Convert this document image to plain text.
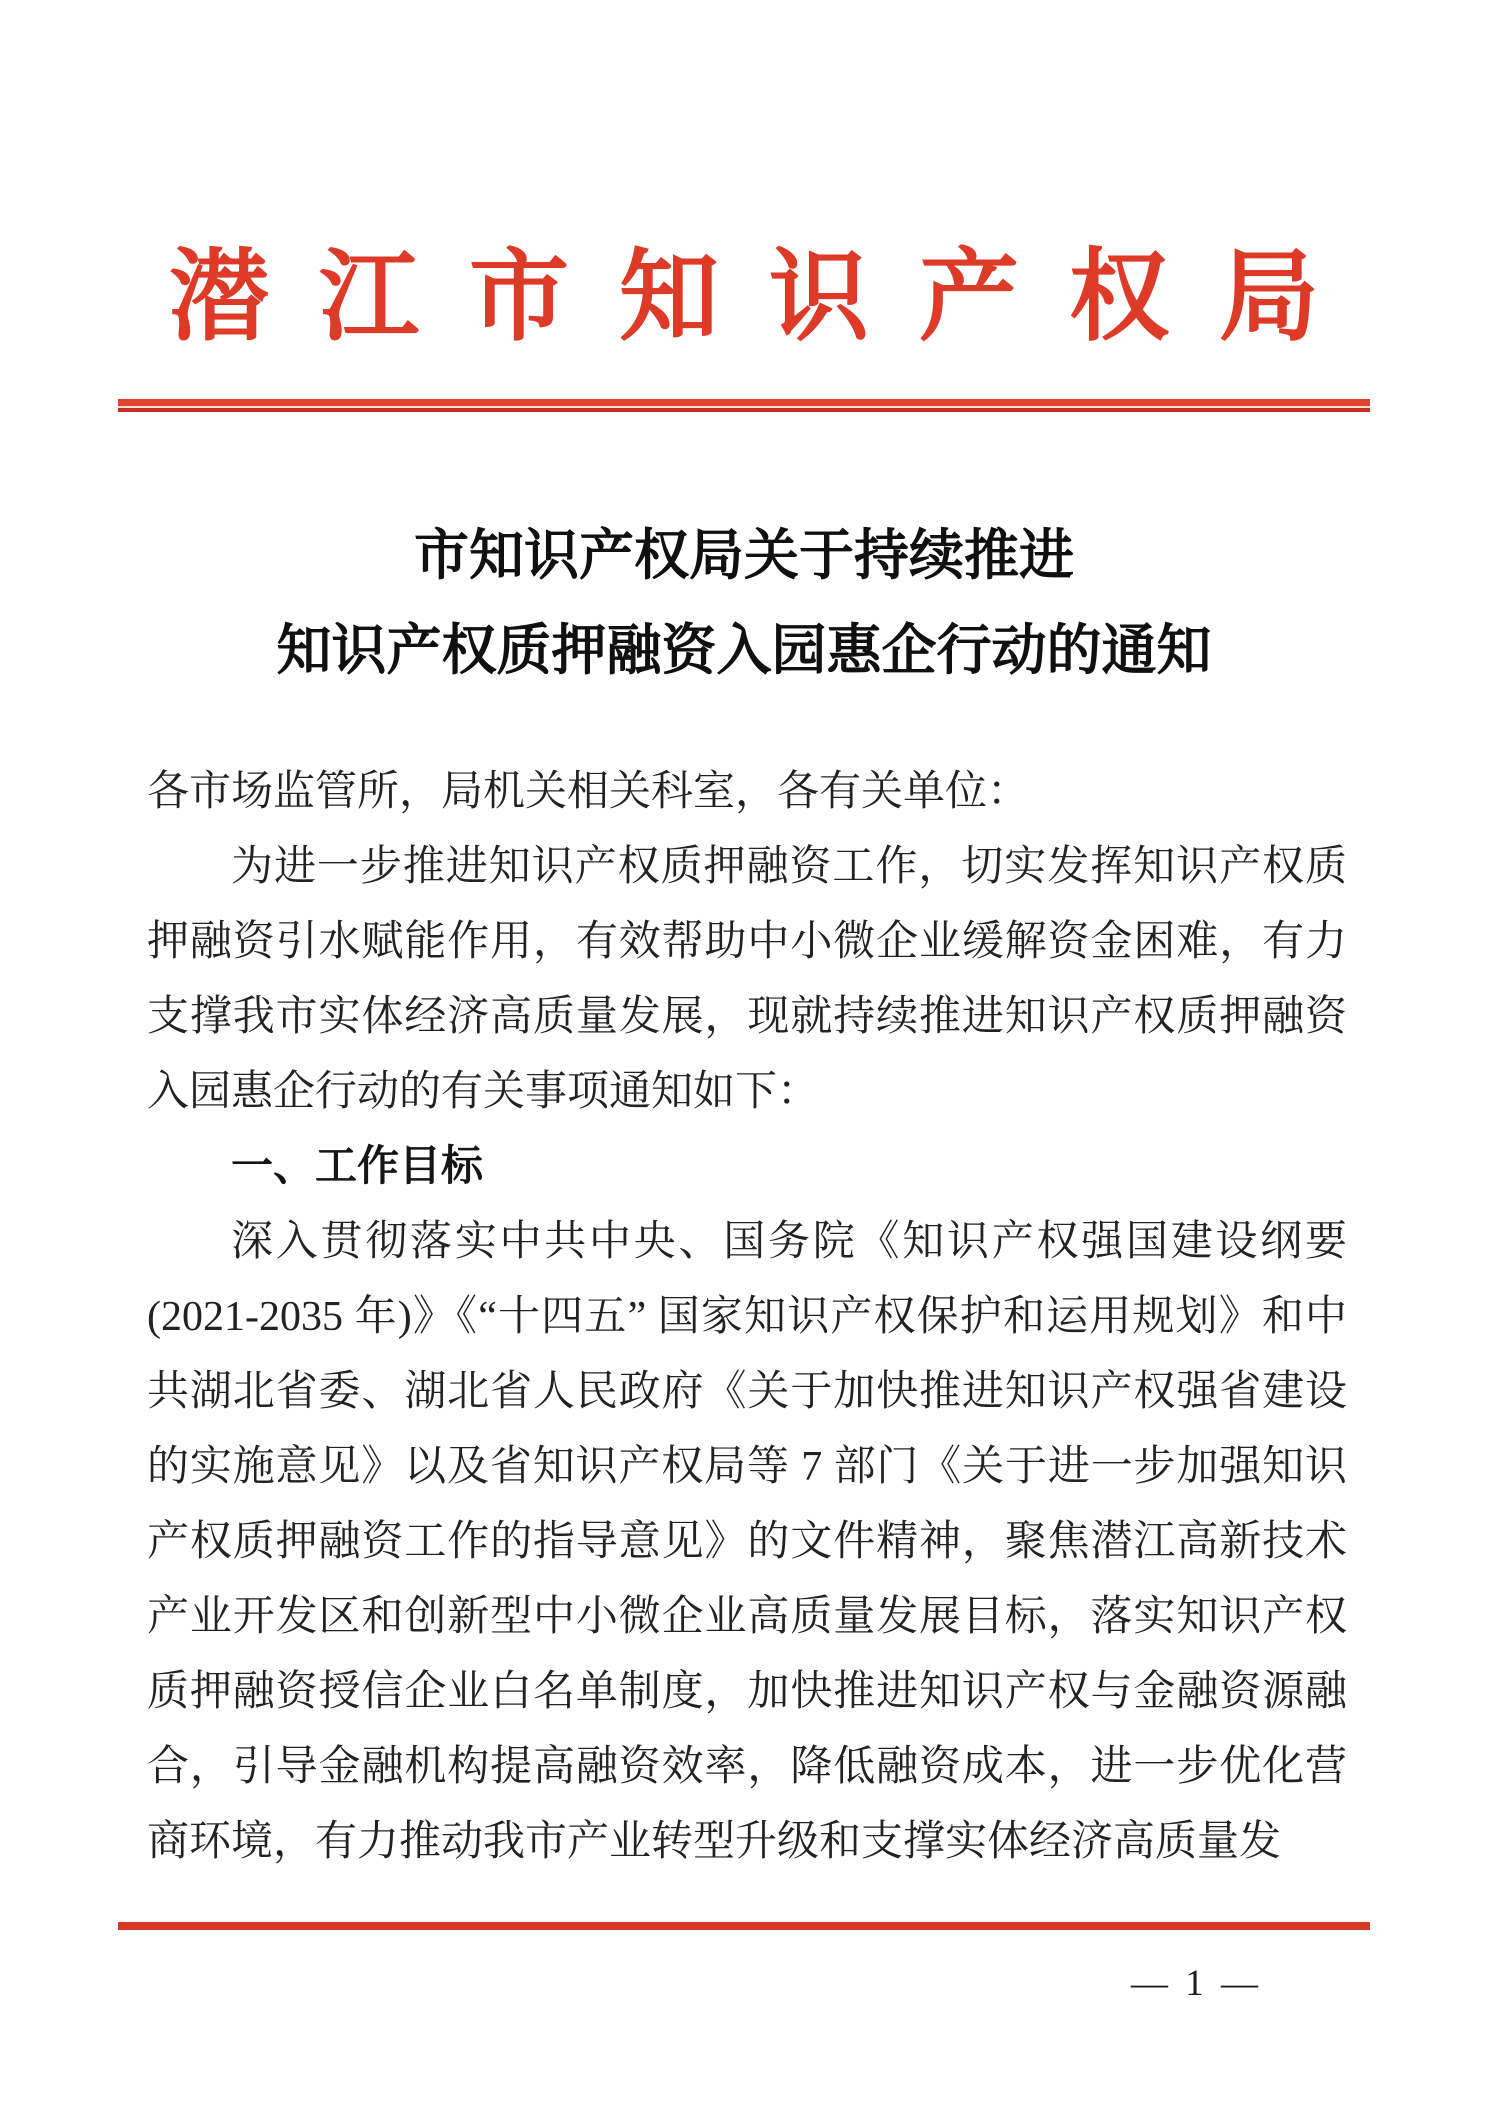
潜江市知识产权局
市知识产权局关于持续推进
知识产权质押融资入园惠企行动的通知

各市场监管所，局机关相关科室，各有关单位：

为进一步推进知识产权质押融资工作，切实发挥知识产权质押融资引水赋能作用，有效帮助中小微企业缓解资金困难，有力支撑我市实体经济高质量发展，现就持续推进知识产权质押融资入园惠企行动的有关事项通知如下：

一、工作目标

深入贯彻落实中共中央、国务院《知识产权强国建设纲要(2021-2035 年)》《“十四五” 国家知识产权保护和运用规划》和中共湖北省委、湖北省人民政府《关于加快推进知识产权强省建设的实施意见》以及省知识产权局等 7 部门《关于进一步加强知识产权质押融资工作的指导意见》的文件精神，聚焦潜江高新技术产业开发区和创新型中小微企业高质量发展目标，落实知识产权质押融资授信企业白名单制度，加快推进知识产权与金融资源融合，引导金融机构提高融资效率，降低融资成本，进一步优化营商环境，有力推动我市产业转型升级和支撑实体经济高质量发

— 1 —
